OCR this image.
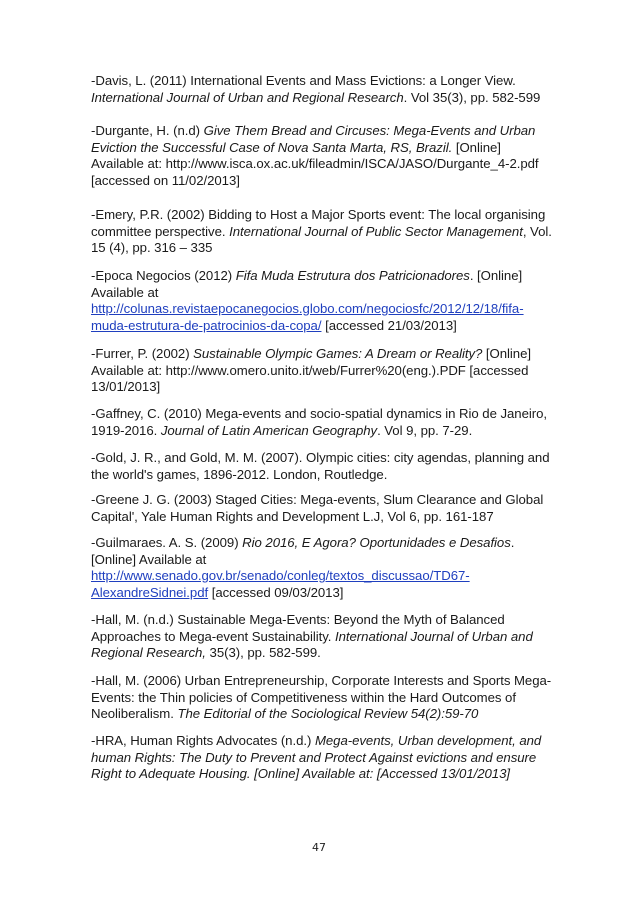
-Davis, L. (2011) International Events and Mass Evictions: a Longer View. International Journal of Urban and Regional Research. Vol 35(3), pp. 582-599
-Durgante, H. (n.d) Give Them Bread and Circuses: Mega-Events and Urban Eviction the Successful Case of Nova Santa Marta, RS, Brazil. [Online] Available at: http://www.isca.ox.ac.uk/fileadmin/ISCA/JASO/Durgante_4-2.pdf [accessed on 11/02/2013]
-Emery, P.R. (2002) Bidding to Host a Major Sports event: The local organising committee perspective. International Journal of Public Sector Management, Vol. 15 (4), pp. 316 – 335
-Epoca Negocios (2012) Fifa Muda Estrutura dos Patricionadores. [Online] Available at http://colunas.revistaepocanegocios.globo.com/negociosfc/2012/12/18/fifa-muda-estrutura-de-patrocinios-da-copa/ [accessed 21/03/2013]
-Furrer, P. (2002) Sustainable Olympic Games: A Dream or Reality? [Online] Available at: http://www.omero.unito.it/web/Furrer%20(eng.).PDF [accessed 13/01/2013]
-Gaffney, C. (2010) Mega-events and socio-spatial dynamics in Rio de Janeiro, 1919-2016. Journal of Latin American Geography. Vol 9, pp. 7-29.
-Gold, J. R., and Gold, M. M. (2007). Olympic cities: city agendas, planning and the world's games, 1896-2012. London, Routledge.
-Greene J. G. (2003) Staged Cities: Mega-events, Slum Clearance and Global Capital', Yale Human Rights and Development L.J, Vol 6, pp. 161-187
-Guilmaraes. A. S. (2009) Rio 2016, E Agora? Oportunidades e Desafios. [Online] Available at http://www.senado.gov.br/senado/conleg/textos_discussao/TD67-AlexandreSidnei.pdf [accessed 09/03/2013]
-Hall, M. (n.d.) Sustainable Mega-Events: Beyond the Myth of Balanced Approaches to Mega-event Sustainability. International Journal of Urban and Regional Research, 35(3), pp. 582-599.
-Hall, M. (2006) Urban Entrepreneurship, Corporate Interests and Sports Mega-Events: the Thin policies of Competitiveness within the Hard Outcomes of Neoliberalism. The Editorial of the Sociological Review 54(2):59-70
-HRA, Human Rights Advocates (n.d.) Mega-events, Urban development, and human Rights: The Duty to Prevent and Protect Against evictions and ensure Right to Adequate Housing. [Online] Available at: [Accessed 13/01/2013]
47
